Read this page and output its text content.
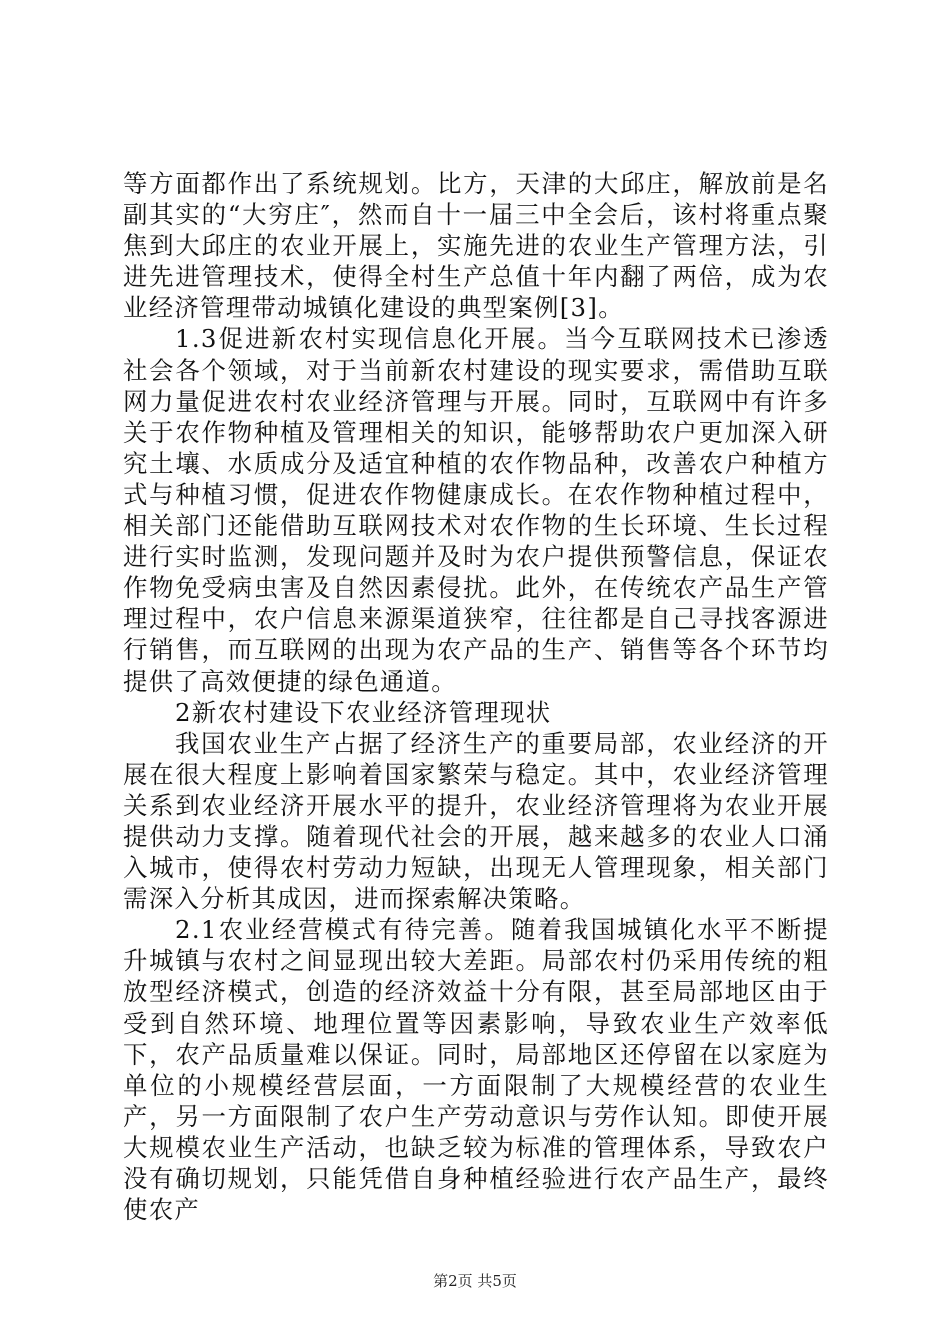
等方面都作出了系统规划。比方，天津的大邱庄，解放前是名副其实的“大穷庄″，然而自十一届三中全会后，该村将重点聚焦到大邱庄的农业开展上，实施先进的农业生产管理方法，引进先进管理技术，使得全村生产总值十年内翻了两倍，成为农业经济管理带动城镇化建设的典型案例[3]。

1.3促进新农村实现信息化开展。当今互联网技术已渗透社会各个领域，对于当前新农村建设的现实要求，需借助互联网力量促进农村农业经济管理与开展。同时，互联网中有许多关于农作物种植及管理相关的知识，能够帮助农户更加深入研究土壤、水质成分及适宜种植的农作物品种，改善农户种植方式与种植习惯，促进农作物健康成长。在农作物种植过程中，相关部门还能借助互联网技术对农作物的生长环境、生长过程进行实时监测，发现问题并及时为农户提供预警信息，保证农作物免受病虫害及自然因素侵扰。此外，在传统农产品生产管理过程中，农户信息来源渠道狭窄，往往都是自己寻找客源进行销售，而互联网的出现为农产品的生产、销售等各个环节均提供了高效便捷的绿色通道。

2新农村建设下农业经济管理现状

我国农业生产占据了经济生产的重要局部，农业经济的开展在很大程度上影响着国家繁荣与稳定。其中，农业经济管理关系到农业经济开展水平的提升，农业经济管理将为农业开展提供动力支撑。随着现代社会的开展，越来越多的农业人口涌入城市，使得农村劳动力短缺，出现无人管理现象，相关部门需深入分析其成因，进而探索解决策略。

2.1农业经营模式有待完善。随着我国城镇化水平不断提升城镇与农村之间显现出较大差距。局部农村仍采用传统的粗放型经济模式，创造的经济效益十分有限，甚至局部地区由于受到自然环境、地理位置等因素影响，导致农业生产效率低下，农产品质量难以保证。同时，局部地区还停留在以家庭为单位的小规模经营层面，一方面限制了大规模经营的农业生产，另一方面限制了农户生产劳动意识与劳作认知。即使开展大规模农业生产活动，也缺乏较为标准的管理体系，导致农户没有确切规划，只能凭借自身种植经验进行农产品生产，最终使农产

第2页 共5页
